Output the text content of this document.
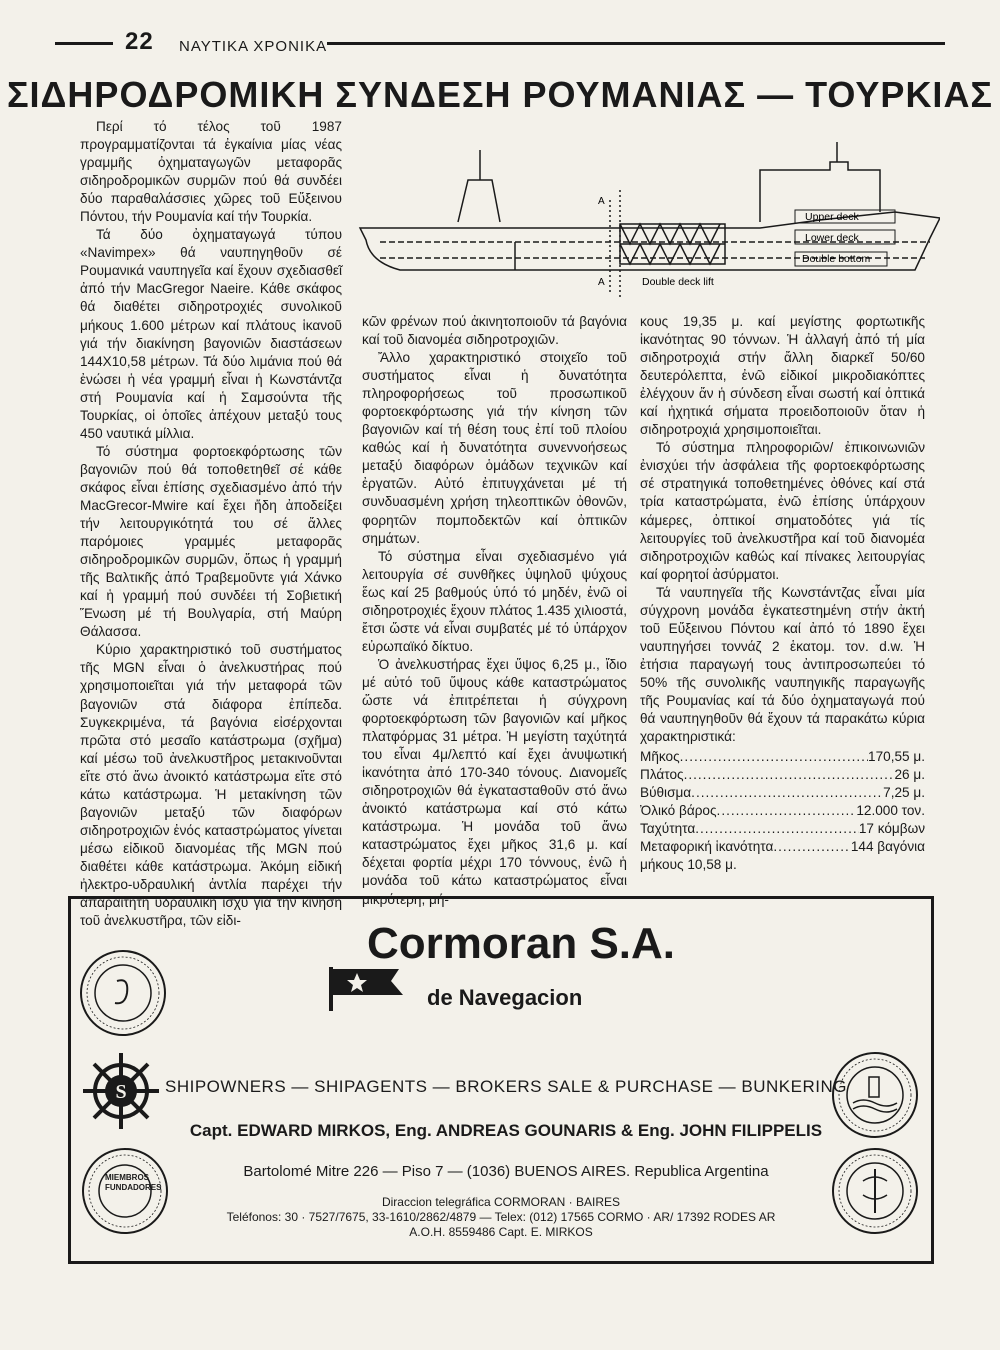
22 ΝΑΥΤΙΚΑ ΧΡΟΝΙΚΑ
ΣΙΔΗΡΟΔΡΟΜΙΚΗ ΣΥΝΔΕΣΗ ΡΟΥΜΑΝΙΑΣ — ΤΟΥΡΚΙΑΣ

Περί τό τέλος τοῦ 1987 προγραμματίζονται τά ἐγκαίνια μίας νέας γραμμῆς ὀχηματαγωγῶν μεταφορᾶς σιδηροδρομικῶν συρμῶν πού θά συνδέει δύο παραθαλάσσιες χῶρες τοῦ Εὔξεινου Πόντου, τήν Ρουμανία καί τήν Τουρκία.

Τά δύο ὀχηματαγωγά τύπου «Navimpex» θά ναυπηγηθοῦν σέ Ρουμανικά ναυπηγεῖα καί ἔχουν σχεδιασθεῖ ἀπό τήν MacGregor Naeire. Κάθε σκάφος θά διαθέτει σιδηροτροχιές συνολικοῦ μήκους 1.600 μέτρων καί πλάτους ἱκανοῦ γιά τήν διακίνηση βαγονιῶν διαστάσεων 144Χ10,58 μέτρων. Τά δύο λιμάνια πού θά ἐνώσει ἡ νέα γραμμή εἶναι ἡ Κωνστάντζα στή Ρουμανία καί ἡ Σαμσούντα τῆς Τουρκίας, οἱ ὁποῖες ἀπέχουν μεταξύ τους 450 ναυτικά μίλλια.

Τό σύστημα φορτοεκφόρτωσης τῶν βαγονιῶν πού θά τοποθετηθεῖ σέ κάθε σκάφος εἶναι ἐπίσης σχεδιασμένο ἀπό τήν MacGrecor-Mwire καί ἔχει ἤδη ἀποδείξει τήν λειτουργικότητά του σέ ἄλλες παρόμοιες γραμμές μεταφορᾶς σιδηροδρομικῶν συρμῶν, ὅπως ἡ γραμμή τῆς Βαλτικῆς ἀπό Τραβεμοῦντε γιά Χάνκο καί ἡ γραμμή πού συνδέει τή Σοβιετική Ἕνωση μέ τή Βουλγαρία, στή Μαύρη Θάλασσα.

Κύριο χαρακτηριστικό τοῦ συστήματος τῆς MGN εἶναι ὁ ἀνελκυστήρας πού χρησιμοποιεῖται γιά τήν μεταφορά τῶν βαγονιῶν στά διάφορα ἐπίπεδα. Συγκεκριμένα, τά βαγόνια εἰσέρχονται πρῶτα στό μεσαῖο κατάστρωμα (σχῆμα) καί μέσω τοῦ ἀνελκυστῆρος μετακινοῦνται εἴτε στό ἄνω ἀνοικτό κατάστρωμα εἴτε στό κάτω κατάστρωμα. Ἡ μετακίνηση τῶν βαγονιῶν μεταξύ τῶν διαφόρων σιδηροτροχιῶν ἐνός καταστρώματος γίνεται μέσω εἰδικοῦ διανομέας τῆς MGN πού διαθέτει κάθε κατάστρωμα. Ἀκόμη εἰδική ἠλεκτρο-υδραυλική ἀντλία παρέχει τήν ἀπαραίτητη ὑδραυλική ἰσχύ γιά τήν κίνηση τοῦ ἀνελκυστῆρα, τῶν εἰδι-

Upper deck
Lower deck
Double bottom
Double deck lift
A
A

κῶν φρένων πού ἀκινητοποιοῦν τά βαγόνια καί τοῦ διανομέα σιδηροτροχιῶν.

Ἄλλο χαρακτηριστικό στοιχεῖο τοῦ συστήματος εἶναι ἡ δυνατότητα πληροφορήσεως τοῦ προσωπικοῦ φορτοεκφόρτωσης γιά τήν κίνηση τῶν βαγονιῶν καί τή θέση τους ἐπί τοῦ πλοίου καθώς καί ἡ δυνατότητα συνεννοήσεως μεταξύ διαφόρων ὁμάδων τεχνικῶν καί ἐργατῶν. Αὐτό ἐπιτυγχάνεται μέ τή συνδυασμένη χρήση τηλεοπτικῶν ὀθονῶν, φορητῶν πομποδεκτῶν καί ὀπτικῶν σημάτων.

Τό σύστημα εἶναι σχεδιασμένο γιά λειτουργία σέ συνθῆκες ὑψηλοῦ ψύχους ἕως καί 25 βαθμούς ὑπό τό μηδέν, ἐνῶ οἱ σιδηροτροχιές ἔχουν πλάτος 1.435 χιλιοστά, ἔτσι ὥστε νά εἶναι συμβατές μέ τό ὑπάρχον εὐρωπαϊκό δίκτυο.

Ὁ ἀνελκυστήρας ἔχει ὕψος 6,25 μ., ἴδιο μέ αὐτό τοῦ ὕψους κάθε καταστρώματος ὥστε νά ἐπιτρέπεται ἡ σύγχρονη φορτοεκφόρτωση τῶν βαγονιῶν καί μῆκος πλατφόρμας 31 μέτρα. Ἡ μεγίστη ταχύτητά του εἶναι 4μ/λεπτό καί ἔχει ἀνυψωτική ἱκανότητα ἀπό 170-340 τόνους. Διανομεῖς σιδηροτροχιῶν θά ἐγκατασταθοῦν στό ἄνω ἀνοικτό κατάστρωμα καί στό κάτω κατάστρωμα. Ἡ μονάδα τοῦ ἄνω καταστρώματος ἔχει μῆκος 31,6 μ. καί δέχεται φορτία μέχρι 170 τόννους, ἐνῶ ἡ μονάδα τοῦ κάτω καταστρώματος εἶναι μικρότερη, μή-

κους 19,35 μ. καί μεγίστης φορτωτικῆς ἱκανότητας 90 τόννων. Ἡ ἀλλαγή ἀπό τή μία σιδηροτροχιά στήν ἄλλη διαρκεῖ 50/60 δευτερόλεπτα, ἐνῶ εἰδικοί μικροδιακόπτες ἐλέγχουν ἄν ἡ σύνδεση εἶναι σωστή καί ὀπτικά καί ἠχητικά σήματα προειδοποιοῦν ὅταν ἡ σιδηροτροχιά χρησιμοποιεῖται.

Τό σύστημα πληροφοριῶν/ ἐπικοινωνιῶν ἐνισχύει τήν ἀσφάλεια τῆς φορτοεκφόρτωσης σέ στρατηγικά τοποθετημένες ὀθόνες καί στά τρία καταστρώματα, ἐνῶ ἐπίσης ὑπάρχουν κάμερες, ὀπτικοί σηματοδότες γιά τίς λειτουργίες τοῦ ἀνελκυστῆρα καί τοῦ διανομέα σιδηροτροχιῶν καθώς καί πίνακες λειτουργίας καί φορητοί ἀσύρματοι.

Τά ναυπηγεῖα τῆς Κωνστάντζας εἶναι μία σύγχρονη μονάδα ἐγκατεστημένη στήν ἀκτή τοῦ Εὔξεινου Πόντου καί ἀπό τό 1890 ἔχει ναυπηγήσει τοννάζ 2 ἑκατομ. τον. d.w. Ἡ ἐτήσια παραγωγή τους ἀντιπροσωπεύει τό 50% τῆς συνολικῆς ναυπηγικῆς παραγωγῆς τῆς Ρουμανίας καί τά δύο ὀχηματαγωγά πού θά ναυπηγηθοῦν θά ἔχουν τά παρακάτω κύρια χαρακτηριστικά:

Μῆκος .....	170,55 μ.
Πλάτος .....	26 μ.
Βύθισμα .....	7,25 μ.
Ὀλικό βάρος .....	12.000 τον.
Ταχύτητα .....	17 κόμβων
Μεταφορική ἱκανότητα .....	144 βαγόνια
μήκους 10,58 μ.
Cormoran S.A.
de Navegacion
S
MIEMBROS FUNDADORES
SHIPOWNERS — SHIPAGENTS — BROKERS SALE & PURCHASE — BUNKERING
Capt. EDWARD MIRKOS, Eng. ANDREAS GOUNARIS & Eng. JOHN FILIPPELIS
Bartolomé Mitre 226 — Piso 7 — (1036) BUENOS AIRES. Republica Argentina
Diraccion telegráfica CORMORAN · BAIRES
Teléfonos: 30 · 7527/7675, 33-1610/2862/4879 — Telex: (012) 17565 CORMO · AR/ 17392 RODES AR
A.O.H. 8559486 Capt. E. MIRKOS
